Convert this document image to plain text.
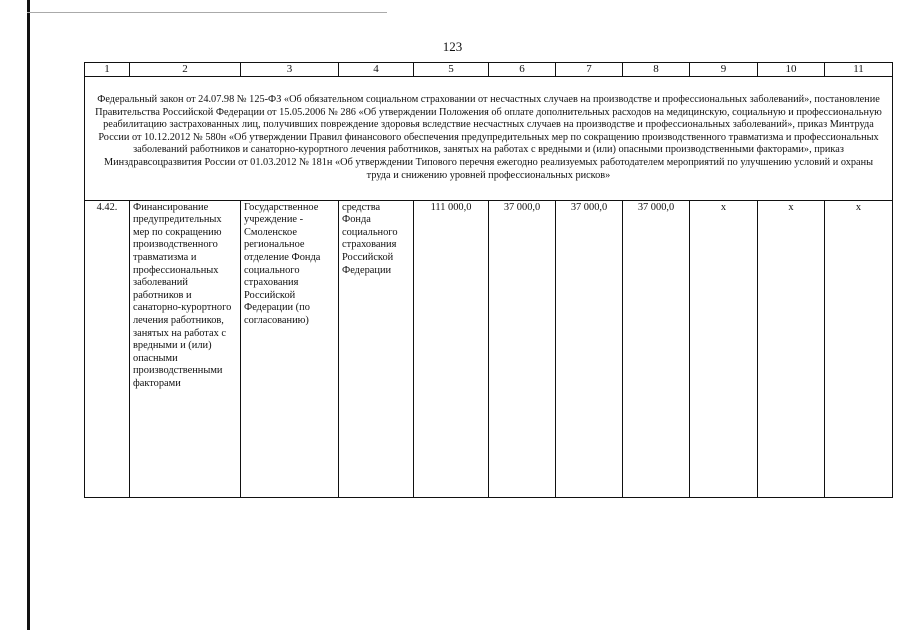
123
1	2	3	4	5	6	7	8	9	10	11
Федеральный закон от 24.07.98 № 125-ФЗ «Об обязательном социальном страховании от несчастных случаев на производстве и профессиональных заболеваний», постановление Правительства Российской Федерации от 15.05.2006 № 286 «Об утверждении Положения об оплате дополнительных расходов на медицинскую, социальную и профессиональную реабилитацию застрахованных лиц, получивших повреждение здоровья вследствие несчастных случаев на производстве и профессиональных заболеваний», приказ Минтруда России от 10.12.2012 № 580н «Об утверждении Правил финансового обеспечения предупредительных мер по сокращению производственного травматизма и профессиональных заболеваний работников и санаторно-курортного лечения работников, занятых на работах с вредными и (или) опасными производственными факторами», приказ Минздравсоцразвития России от 01.03.2012 № 181н «Об утверждении Типового перечня ежегодно реализуемых работодателем мероприятий по улучшению условий и охраны труда и снижению уровней профессиональных рисков»										
4.42.	Финансирование предупредительных мер по сокращению производственного травматизма и профессиональных заболеваний работников и санаторно-курортного лечения работников, занятых на работах с вредными и (или) опасными производственными факторами	Государственное учреждение - Смоленское региональное отделение Фонда социального страхования Российской Федерации (по согласованию)	средства Фонда социального страхования Российской Федерации	111 000,0	37 000,0	37 000,0	37 000,0	x	x	x
